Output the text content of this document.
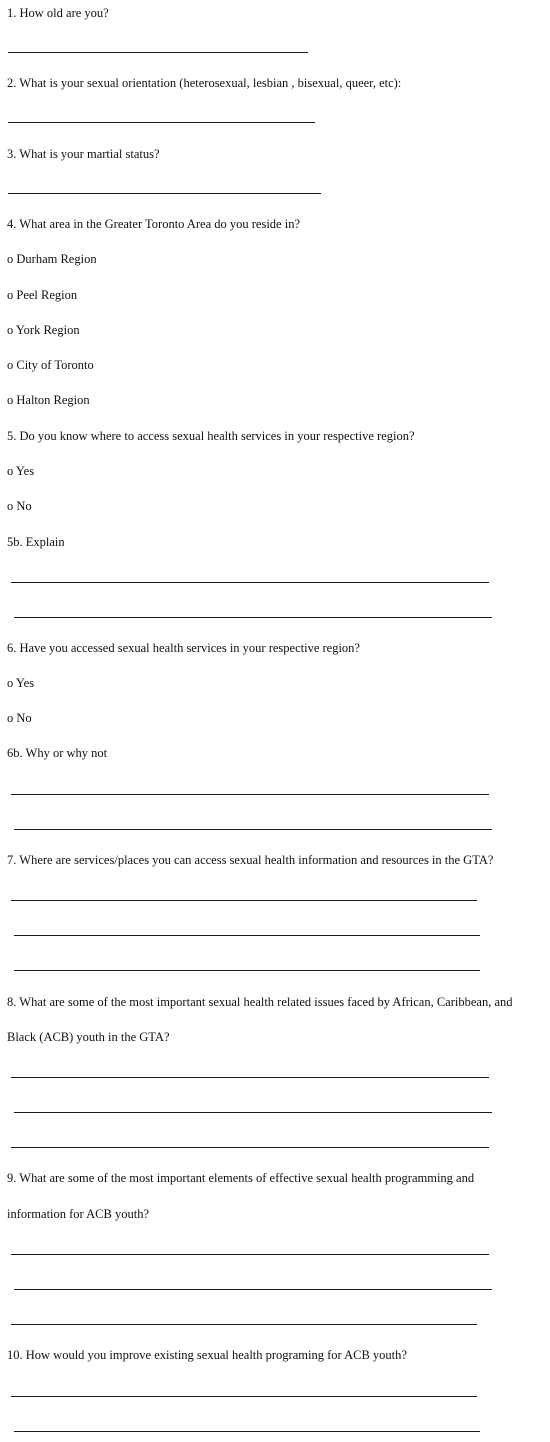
1. How old are you?
2. What is your sexual orientation (heterosexual, lesbian , bisexual, queer, etc):
3. What is your martial status?
4. What area in the Greater Toronto Area do you reside in?
o Durham Region
o Peel Region
o York Region
o City of Toronto
o Halton Region
5. Do you know where to access sexual health services in your respective region?
o Yes
o No
5b. Explain
6. Have you accessed sexual health services in your respective region?
o Yes
o No
6b. Why or why not
7. Where are services/places you can access sexual health information and resources in the GTA?
8. What are some of the most important sexual health related issues faced by African, Caribbean, and
Black (ACB) youth in the GTA?
9. What are some of the most important elements of effective sexual health programming and
information for ACB youth?
10. How would you improve existing sexual health programing for ACB youth?
